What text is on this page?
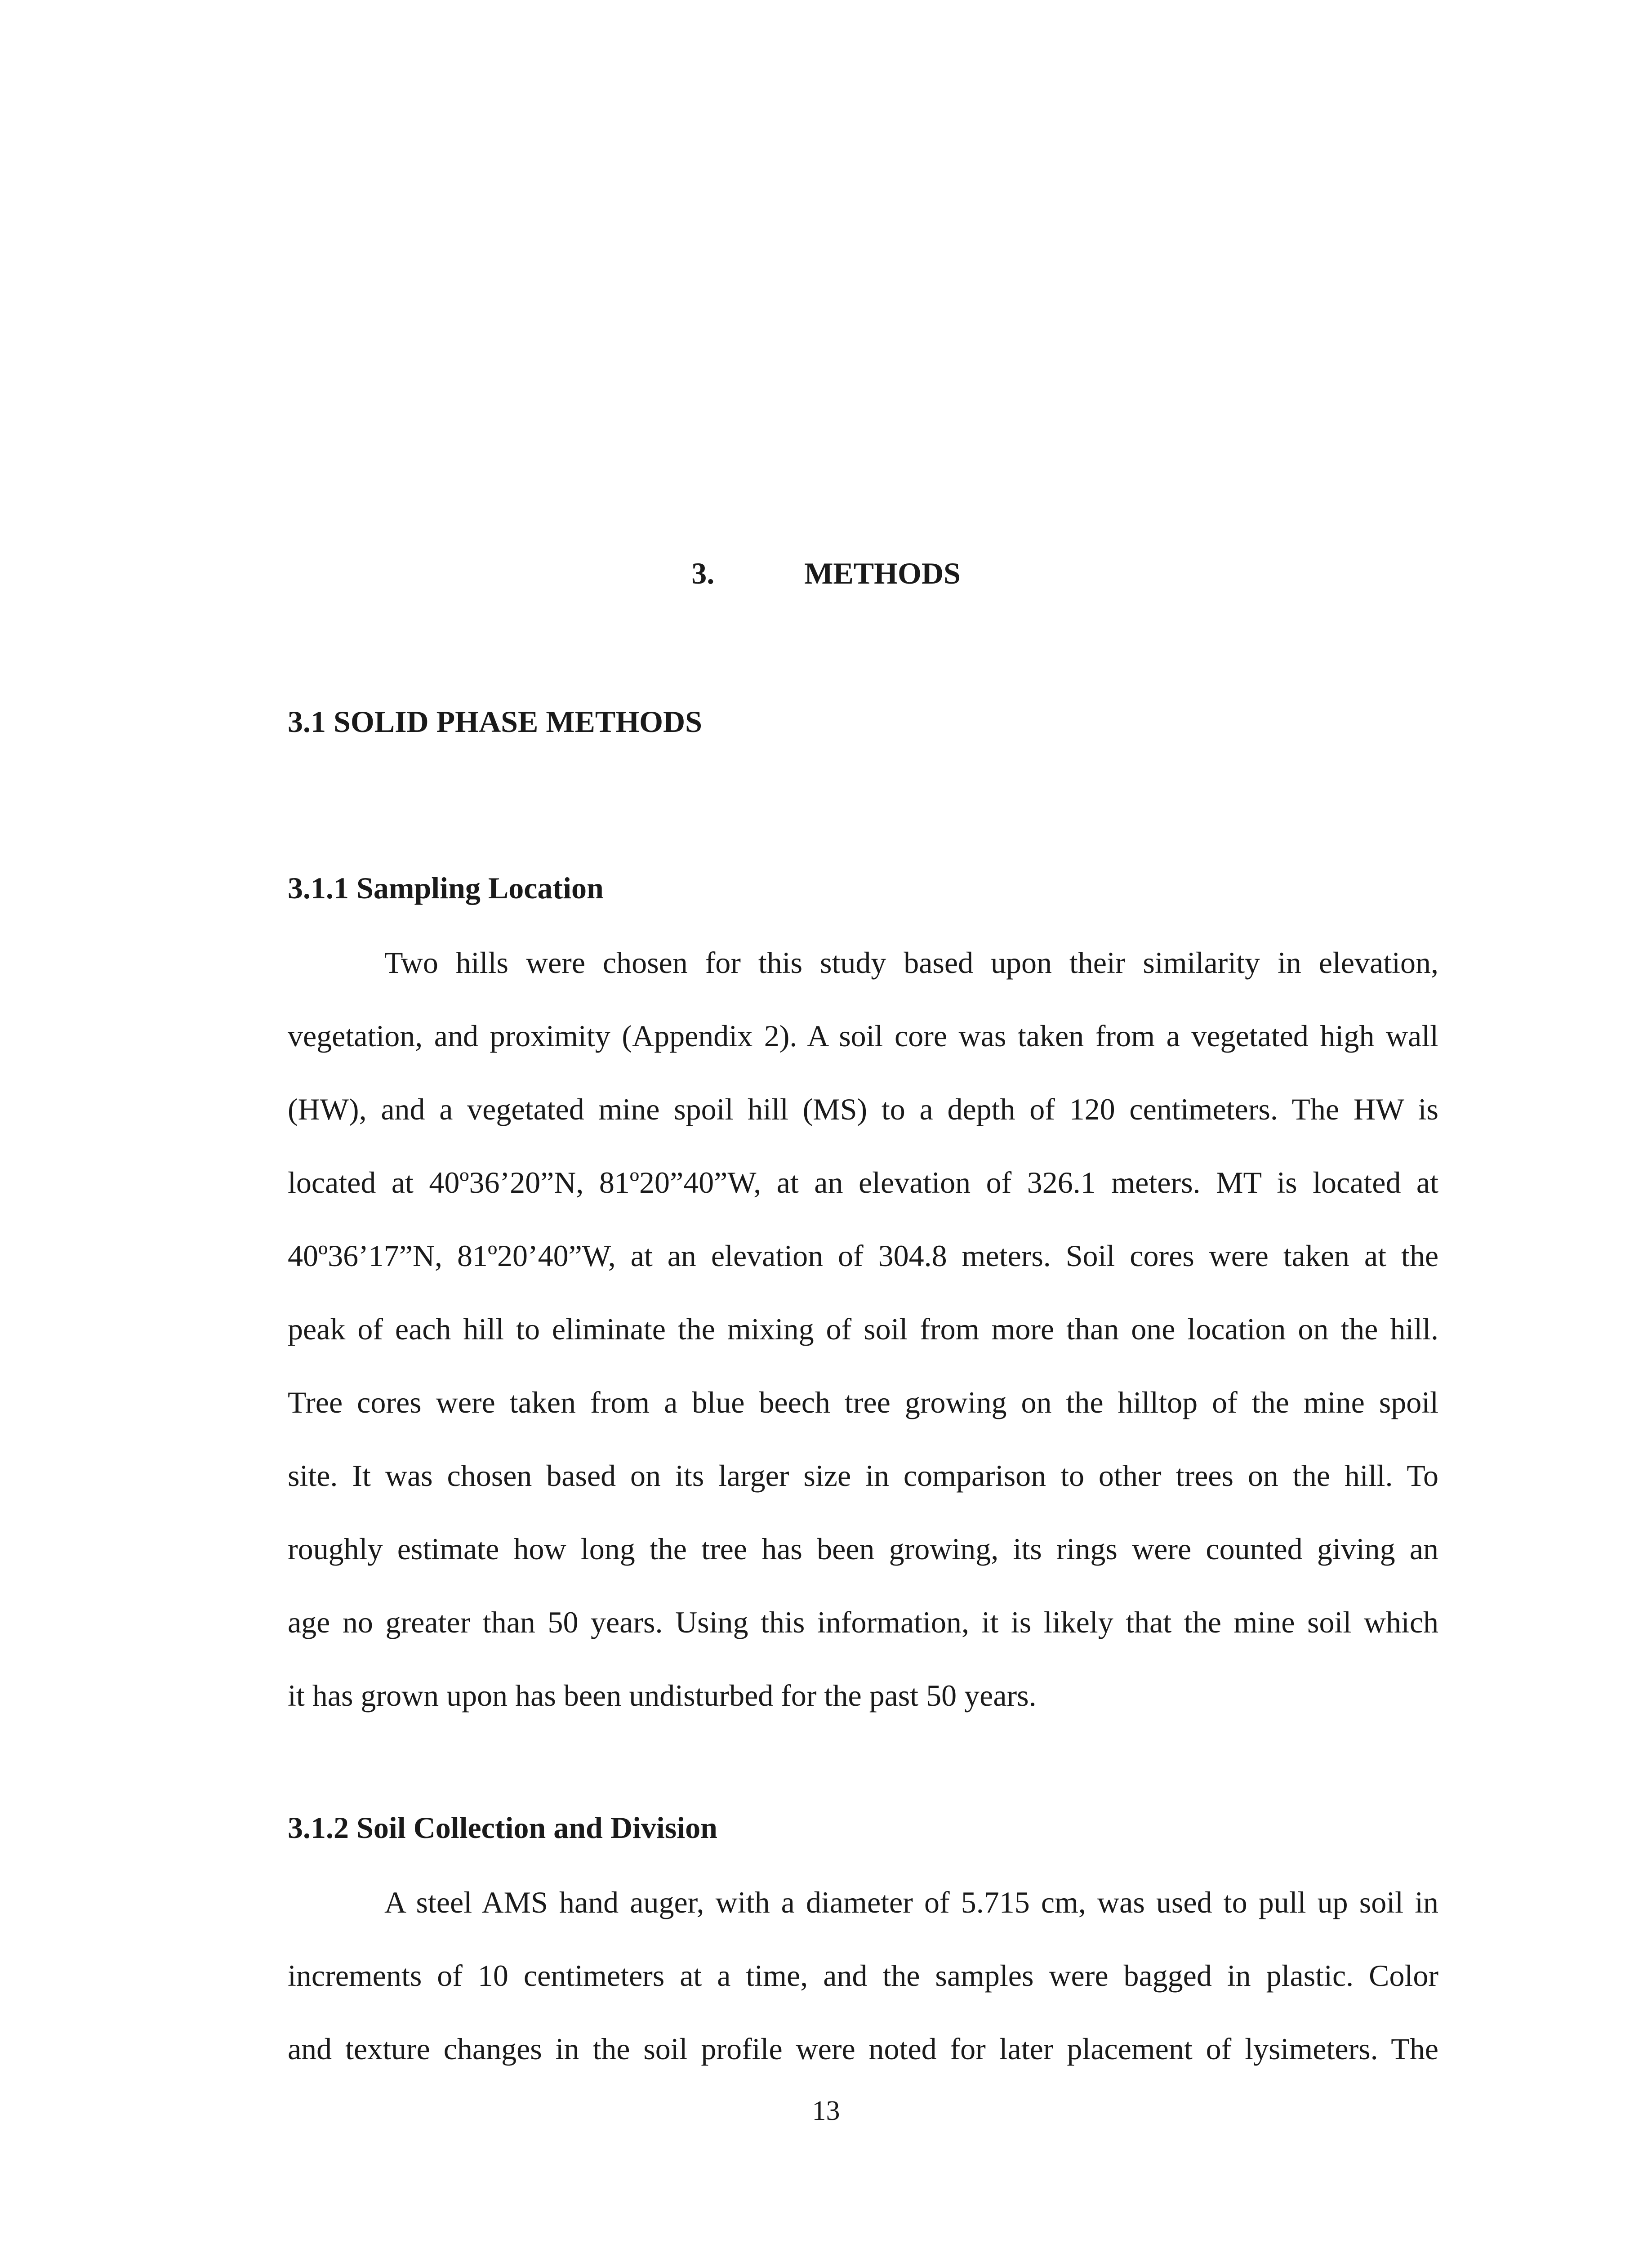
3.	METHODS
3.1 SOLID PHASE METHODS
3.1.1 Sampling Location

Two hills were chosen for this study based upon their similarity in elevation,
vegetation, and proximity (Appendix 2). A soil core was taken from a vegetated high wall
(HW), and a vegetated mine spoil hill (MS) to a depth of 120 centimeters. The HW is
located at 40º36’20”N, 81º20”40”W, at an elevation of 326.1 meters. MT is located at
40º36’17”N, 81º20’40”W, at an elevation of 304.8 meters. Soil cores were taken at the
peak of each hill to eliminate the mixing of soil from more than one location on the hill.
Tree cores were taken from a blue beech tree growing on the hilltop of the mine spoil
site. It was chosen based on its larger size in comparison to other trees on the hill. To
roughly estimate how long the tree has been growing, its rings were counted giving an
age no greater than 50 years. Using this information, it is likely that the mine soil which
it has grown upon has been undisturbed for the past 50 years.

3.1.2 Soil Collection and Division

A steel AMS hand auger, with a diameter of 5.715 cm, was used to pull up soil in
increments of 10 centimeters at a time, and the samples were bagged in plastic. Color
and texture changes in the soil profile were noted for later placement of lysimeters. The

13
